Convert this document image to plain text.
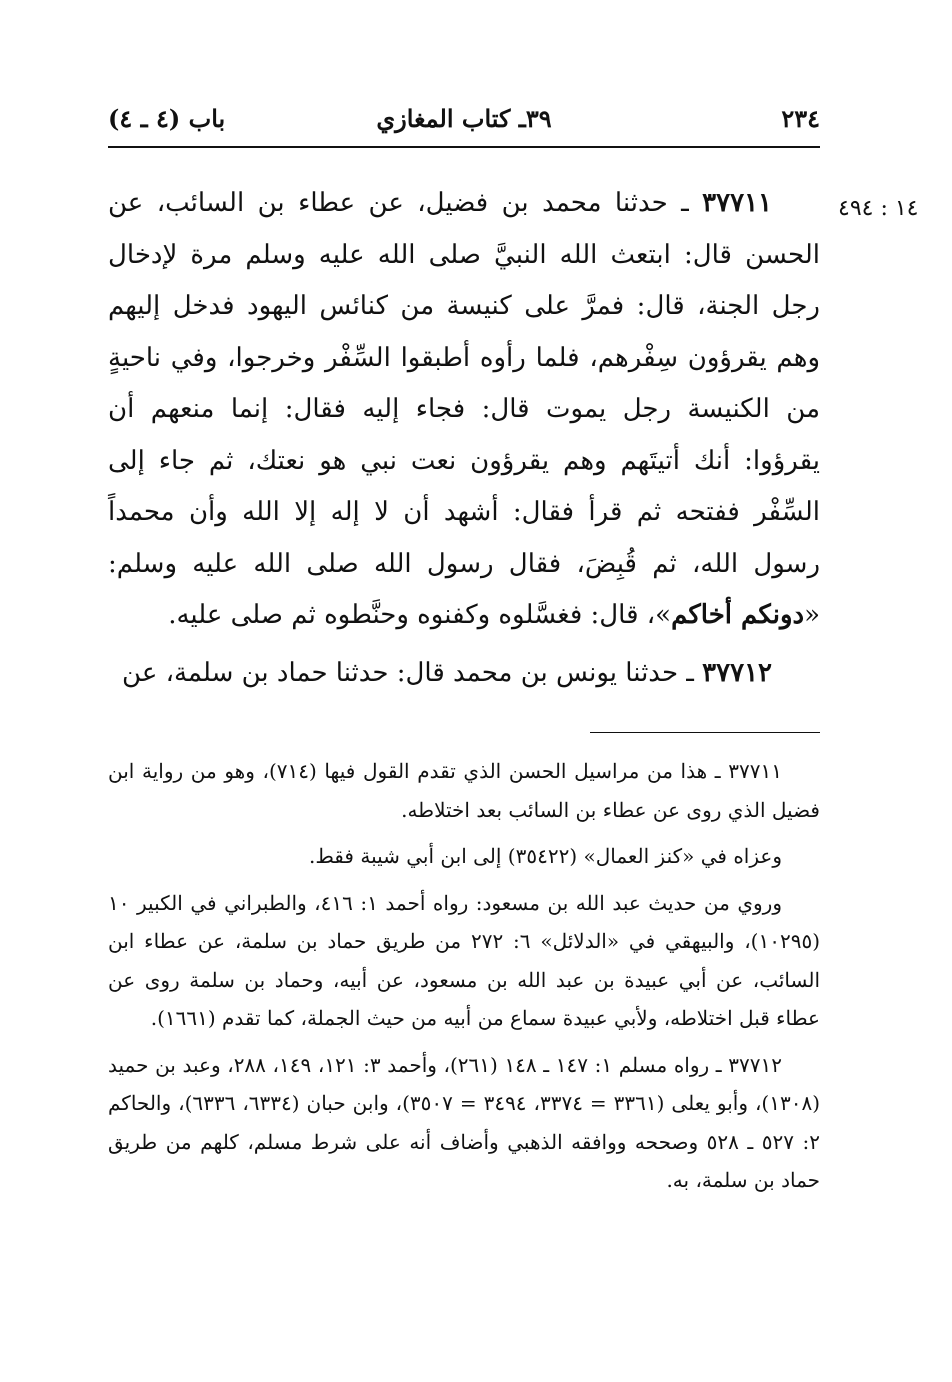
٢٣٤
٣٩ـ كتاب المغازي
باب (٤ ـ ٤)
١٤ : ٤٩٤

٣٧٧١١ ـ حدثنا محمد بن فضيل، عن عطاء بن السائب، عن الحسن قال: ابتعث الله النبيَّ صلى الله عليه وسلم مرة لإدخال رجل الجنة، قال: فمرَّ على كنيسة من كنائس اليهود فدخل إليهم وهم يقرؤون سِفْرهم، فلما رأوه أطبقوا السِّفْر وخرجوا، وفي ناحيةٍ من الكنيسة رجل يموت قال: فجاء إليه فقال: إنما منعهم أن يقرؤوا: أنك أتيتَهم وهم يقرؤون نعت نبي هو نعتك، ثم جاء إلى السِّفْر ففتحه ثم قرأ فقال: أشهد أن لا إله إلا الله وأن محمداً رسول الله، ثم قُبِضَ، فقال رسول الله صلى الله عليه وسلم: «دونكم أخاكم»، قال: فغسَّلوه وكفنوه وحنَّطوه ثم صلى عليه.

٣٧٧١٢ ـ حدثنا يونس بن محمد قال: حدثنا حماد بن سلمة، عن

٣٧٧١١ ـ هذا من مراسيل الحسن الذي تقدم القول فيها (٧١٤)، وهو من رواية ابن فضيل الذي روى عن عطاء بن السائب بعد اختلاطه.

وعزاه في «كنز العمال» (٣٥٤٢٢) إلى ابن أبي شيبة فقط.

وروي من حديث عبد الله بن مسعود: رواه أحمد ١: ٤١٦، والطبراني في الكبير ١٠ (١٠٢٩٥)، والبيهقي في «الدلائل» ٦: ٢٧٢ من طريق حماد بن سلمة، عن عطاء ابن السائب، عن أبي عبيدة بن عبد الله بن مسعود، عن أبيه، وحماد بن سلمة روى عن عطاء قبل اختلاطه، ولأبي عبيدة سماع من أبيه من حيث الجملة، كما تقدم (١٦٦١).

٣٧٧١٢ ـ رواه مسلم ١: ١٤٧ ـ ١٤٨ (٢٦١)، وأحمد ٣: ١٢١، ١٤٩، ٢٨٨، وعبد بن حميد (١٣٠٨)، وأبو يعلى (٣٣٦١ = ٣٣٧٤، ٣٤٩٤ = ٣٥٠٧)، وابن حبان (٦٣٣٤، ٦٣٣٦)، والحاكم ٢: ٥٢٧ ـ ٥٢٨ وصححه ووافقه الذهبي وأضاف أنه على شرط مسلم، كلهم من طريق حماد بن سلمة، به.
